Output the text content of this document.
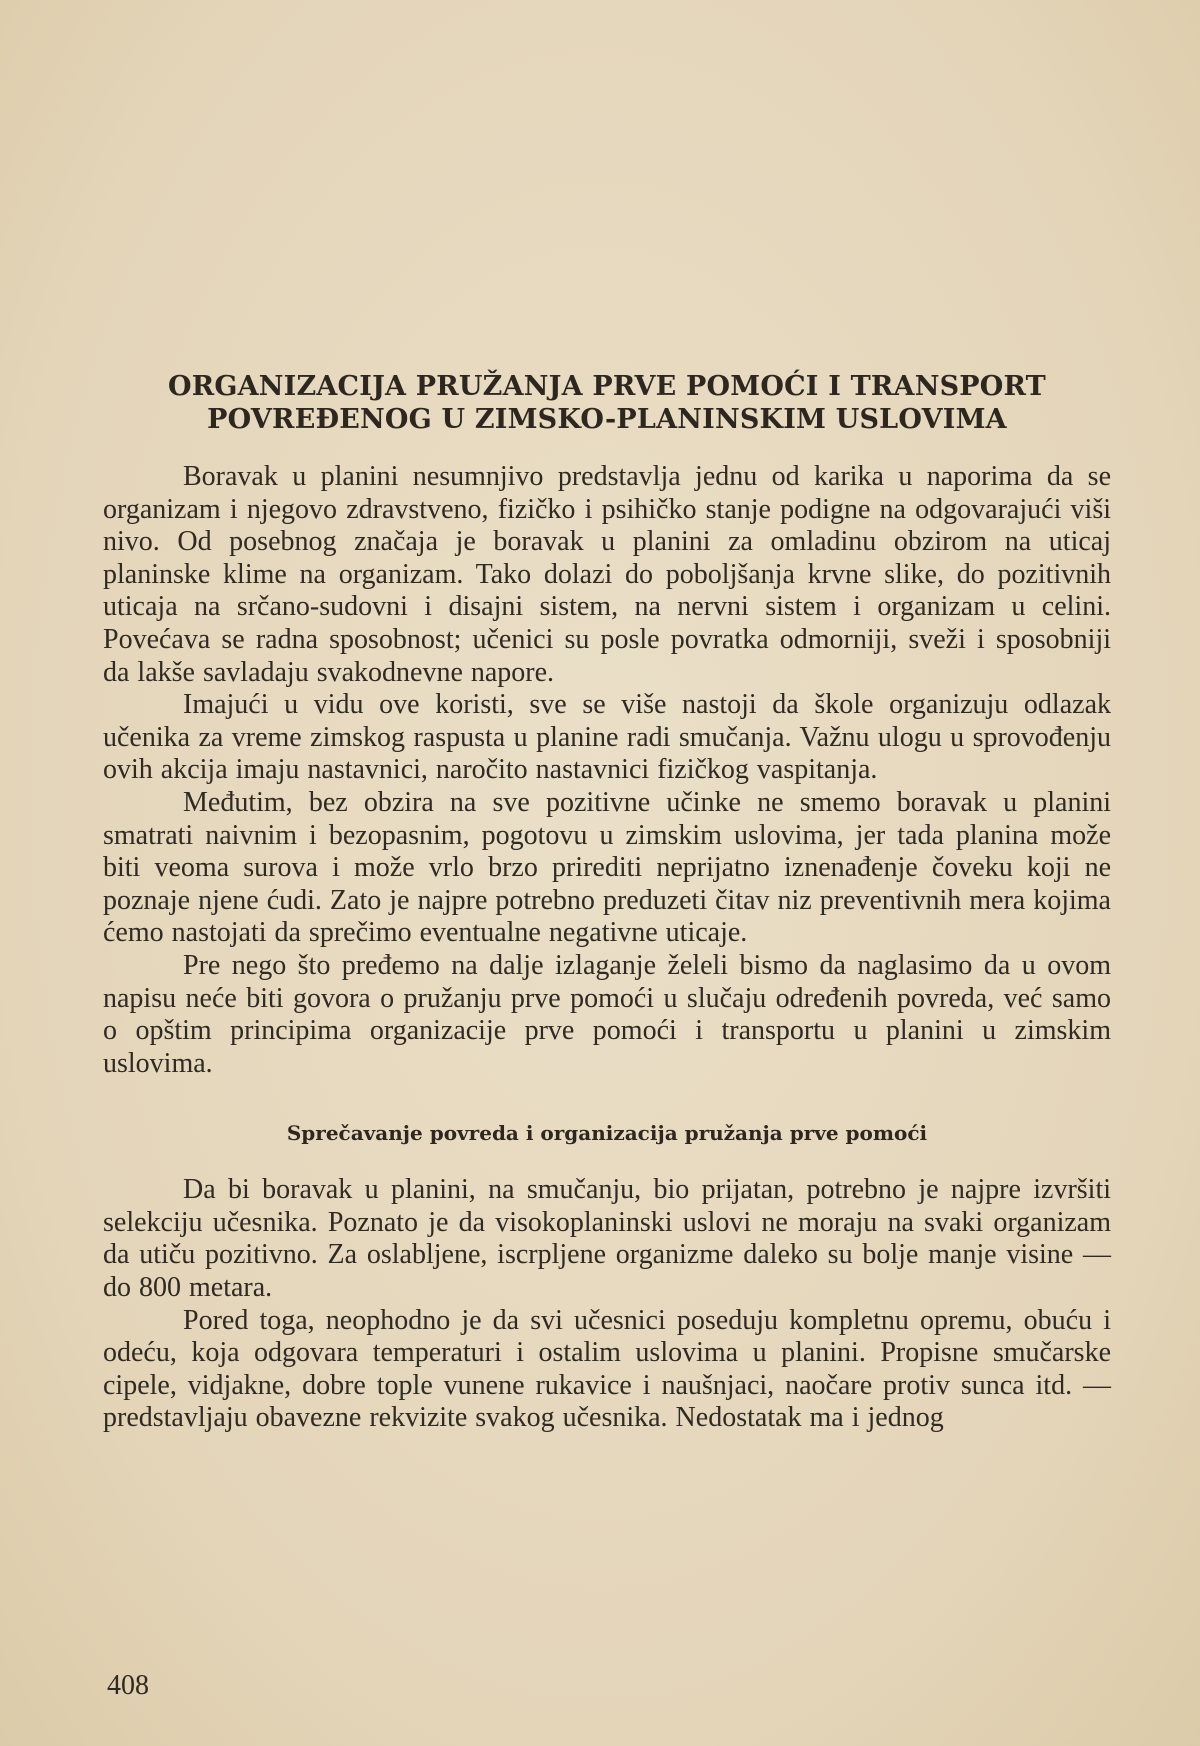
ORGANIZACIJA PRUŽANJA PRVE POMOĆI I TRANSPORT POVREĐENOG U ZIMSKO-PLANINSKIM USLOVIMA

Boravak u planini nesumnjivo predstavlja jednu od karika u naporima da se organizam i njegovo zdravstveno, fizičko i psihičko stanje podigne na odgovarajući viši nivo. Od posebnog značaja je boravak u planini za omladinu obzirom na uticaj planinske klime na organizam. Tako dolazi do poboljšanja krvne slike, do pozitivnih uticaja na srčano-sudovni i disajni sistem, na nervni sistem i organizam u celini. Povećava se radna sposobnost; učenici su posle povratka odmorniji, sveži i sposobniji da lakše savladaju svakodnevne napore.

Imajući u vidu ove koristi, sve se više nastoji da škole organizuju odlazak učenika za vreme zimskog raspusta u planine radi smučanja. Važnu ulogu u sprovođenju ovih akcija imaju nastavnici, naročito nastavnici fizičkog vaspitanja.

Međutim, bez obzira na sve pozitivne učinke ne smemo boravak u planini smatrati naivnim i bezopasnim, pogotovu u zimskim uslovima, jer tada planina može biti veoma surova i može vrlo brzo prirediti neprijatno iznenađenje čoveku koji ne poznaje njene ćudi. Zato je najpre potrebno preduzeti čitav niz preventivnih mera kojima ćemo nastojati da sprečimo eventualne negativne uticaje.

Pre nego što pređemo na dalje izlaganje želeli bismo da naglasimo da u ovom napisu neće biti govora o pružanju prve pomoći u slučaju određenih povreda, već samo o opštim principima organizacije prve pomoći i transportu u planini u zimskim uslovima.

Sprečavanje povreda i organizacija pružanja prve pomoći

Da bi boravak u planini, na smučanju, bio prijatan, potrebno je najpre izvršiti selekciju učesnika. Poznato je da visokoplaninski uslovi ne moraju na svaki organizam da utiču pozitivno. Za oslabljene, iscrpljene organizme daleko su bolje manje visine — do 800 metara.

Pored toga, neophodno je da svi učesnici poseduju kompletnu opremu, obuću i odeću, koja odgovara temperaturi i ostalim uslovima u planini. Propisne smučarske cipele, vidjakne, dobre tople vunene rukavice i naušnjaci, naočare protiv sunca itd. — predstavljaju obavezne rekvizite svakog učesnika. Nedostatak ma i jednog

408
